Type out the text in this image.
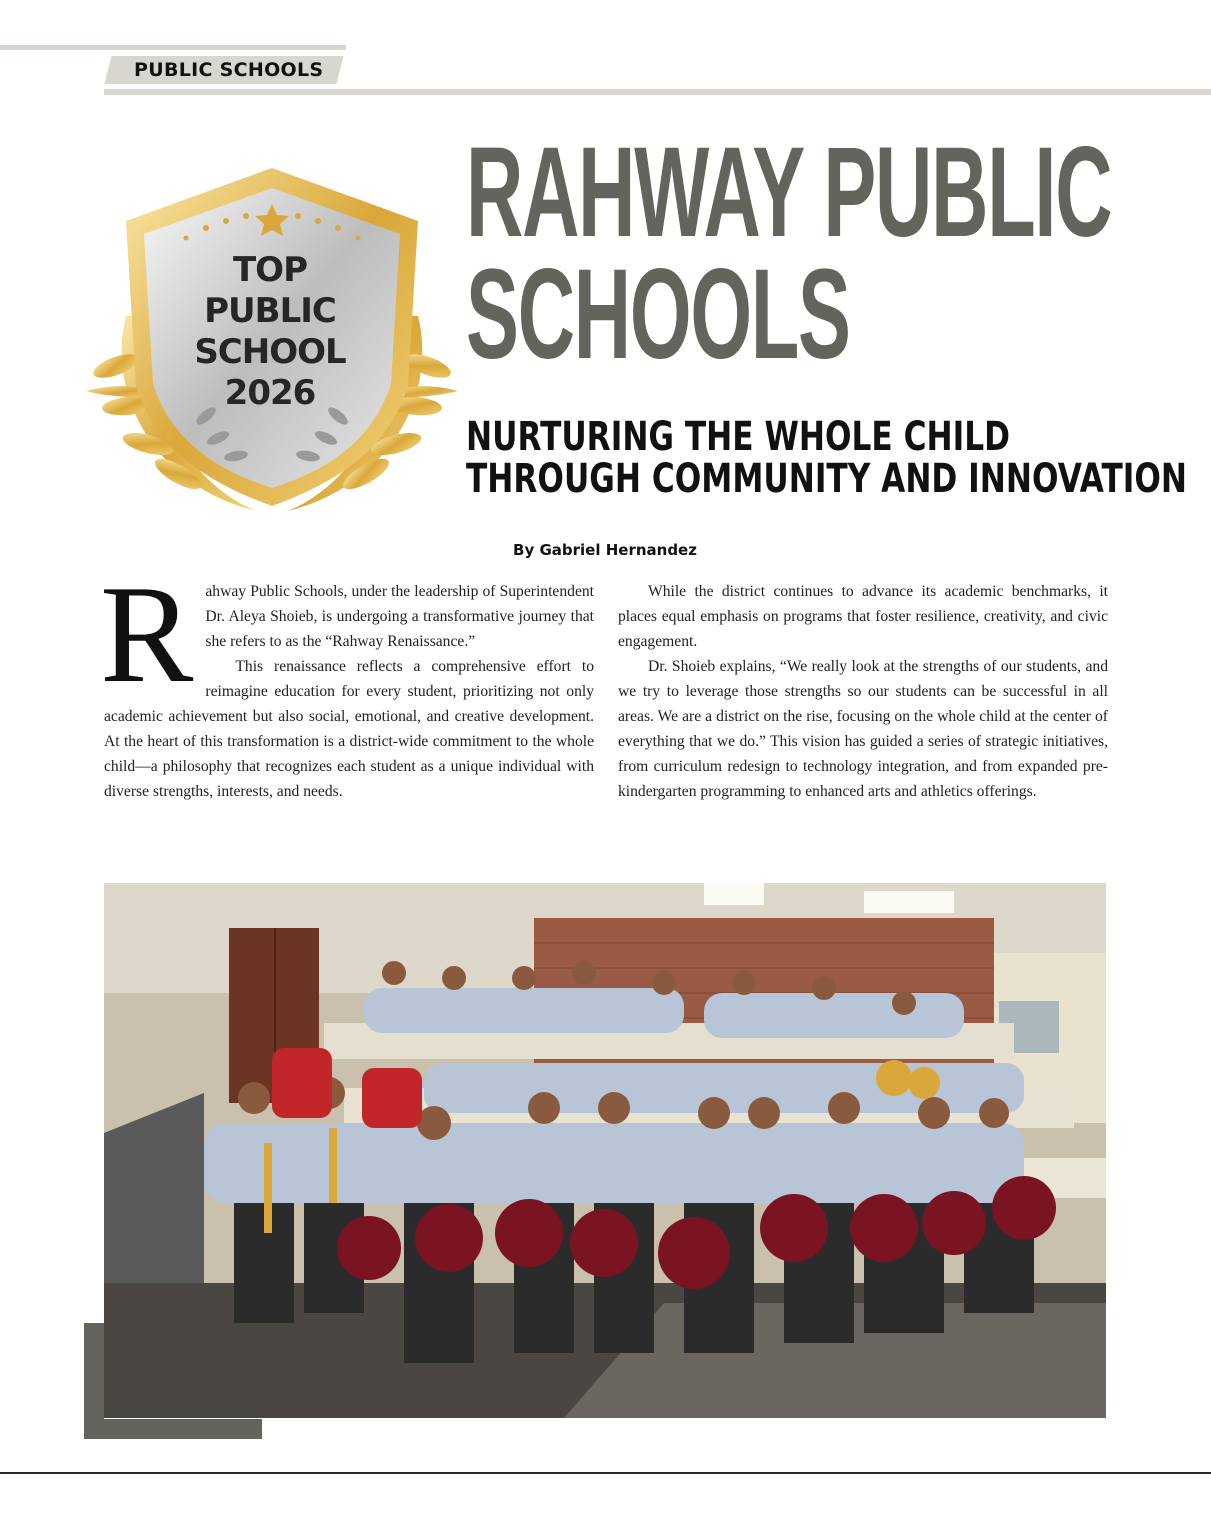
PUBLIC SCHOOLS
TOP
PUBLIC
SCHOOL
2026
RAHWAY PUBLIC
SCHOOLS
NURTURING THE WHOLE CHILD
THROUGH COMMUNITY AND INNOVATION
By Gabriel Hernandez
R ahway Public Schools, under the leadership of Superintendent Dr. Aleya Shoieb, is undergoing a transformative journey that she refers to as the “Rahway Renaissance.”

This renaissance reflects a comprehensive effort to reimagine education for every student, prioritizing not only academic achievement but also social, emotional, and creative development. At the heart of this transformation is a district-wide commitment to the whole child—a philosophy that recognizes each student as a unique individual with diverse strengths, interests, and needs.

While the district continues to advance its academic benchmarks, it places equal emphasis on programs that foster resilience, creativity, and civic engagement.

Dr. Shoieb explains, “We really look at the strengths of our students, and we try to leverage those strengths so our students can be successful in all areas. We are a district on the rise, focusing on the whole child at the center of everything that we do.” This vision has guided a series of strategic initiatives, from curriculum redesign to technology integration, and from expanded pre-kindergarten programming to enhanced arts and athletics offerings.
